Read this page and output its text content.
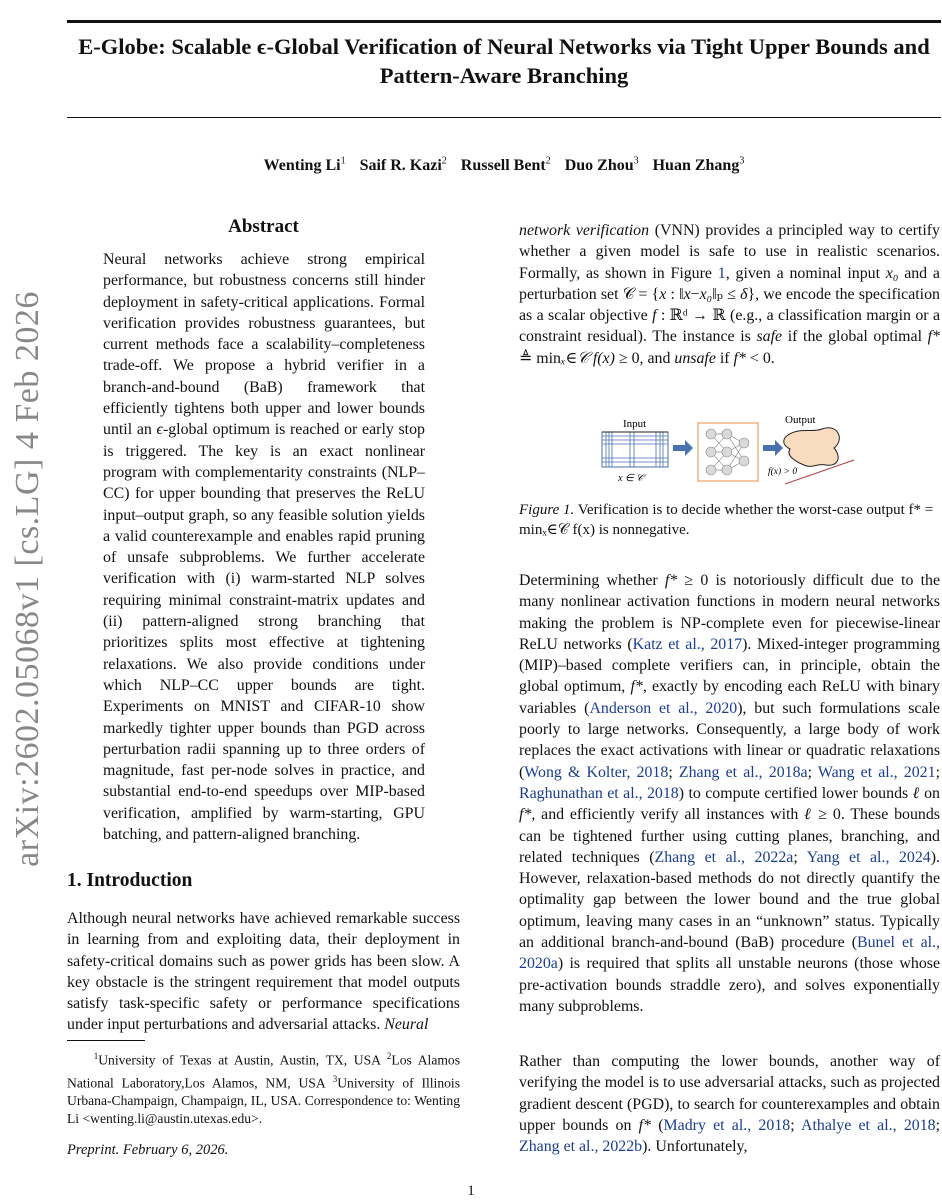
arXiv:2602.05068v1 [cs.LG] 4 Feb 2026
E-Globe: Scalable ϵ-Global Verification of Neural Networks via Tight Upper Bounds and Pattern-Aware Branching
Wenting Li$^1$ Saif R. Kazi$^2$ Russell Bent$^2$ Duo Zhou$^3$ Huan Zhang$^3$
Abstract

Neural networks achieve strong empirical performance, but robustness concerns still hinder deployment in safety-critical applications. Formal verification provides robustness guarantees, but current methods face a scalability–completeness trade-off. We propose a hybrid verifier in a branch-and-bound (BaB) framework that efficiently tightens both upper and lower bounds until an ϵ-global optimum is reached or early stop is triggered. The key is an exact nonlinear program with complementarity constraints (NLP–CC) for upper bounding that preserves the ReLU input–output graph, so any feasible solution yields a valid counterexample and enables rapid pruning of unsafe subproblems. We further accelerate verification with (i) warm-started NLP solves requiring minimal constraint-matrix updates and (ii) pattern-aligned strong branching that prioritizes splits most effective at tightening relaxations. We also provide conditions under which NLP–CC upper bounds are tight. Experiments on MNIST and CIFAR-10 show markedly tighter upper bounds than PGD across perturbation radii spanning up to three orders of magnitude, fast per-node solves in practice, and substantial end-to-end speedups over MIP-based verification, amplified by warm-starting, GPU batching, and pattern-aligned branching.

1. Introduction

Although neural networks have achieved remarkable success in learning from and exploiting data, their deployment in safety-critical domains such as power grids has been slow. A key obstacle is the stringent requirement that model outputs satisfy task-specific safety or performance specifications under input perturbations and adversarial attacks. Neural

$^1$University of Texas at Austin, Austin, TX, USA $^2$Los Alamos National Laboratory,Los Alamos, NM, USA $^3$University of Illinois Urbana-Champaign, Champaign, IL, USA. Correspondence to: Wenting Li <wenting.li@austin.utexas.edu>.
Preprint. February 6, 2026.

network verification (VNN) provides a principled way to certify whether a given model is safe to use in realistic scenarios. Formally, as shown in Figure 1, given a nominal input x₀ and a perturbation set 𝒞 = {x : ‖x−x₀‖ₚ ≤ δ}, we encode the specification as a scalar objective f : ℝᵈ → ℝ (e.g., a classification margin or a constraint residual). The instance is safe if the global optimal f* ≜ minₓ∈𝒞 f(x) ≥ 0, and unsafe if f* < 0.

Input
x ∈ 𝒞
Output
f(x) > 0
Figure 1. Verification is to decide whether the worst-case output f* = minₓ∈𝒞 f(x) is nonnegative.

Determining whether f* ≥ 0 is notoriously difficult due to the many nonlinear activation functions in modern neural networks making the problem is NP-complete even for piecewise-linear ReLU networks (Katz et al., 2017). Mixed-integer programming (MIP)–based complete verifiers can, in principle, obtain the global optimum, f*, exactly by encoding each ReLU with binary variables (Anderson et al., 2020), but such formulations scale poorly to large networks. Consequently, a large body of work replaces the exact activations with linear or quadratic relaxations (Wong & Kolter, 2018; Zhang et al., 2018a; Wang et al., 2021; Raghunathan et al., 2018) to compute certified lower bounds ℓ on f*, and efficiently verify all instances with ℓ ≥ 0. These bounds can be tightened further using cutting planes, branching, and related techniques (Zhang et al., 2022a; Yang et al., 2024). However, relaxation-based methods do not directly quantify the optimality gap between the lower bound and the true global optimum, leaving many cases in an “unknown” status. Typically an additional branch-and-bound (BaB) procedure (Bunel et al., 2020a) is required that splits all unstable neurons (those whose pre-activation bounds straddle zero), and solves exponentially many subproblems.

Rather than computing the lower bounds, another way of verifying the model is to use adversarial attacks, such as projected gradient descent (PGD), to search for counterexamples and obtain upper bounds on f* (Madry et al., 2018; Athalye et al., 2018; Zhang et al., 2022b). Unfortunately,

1
